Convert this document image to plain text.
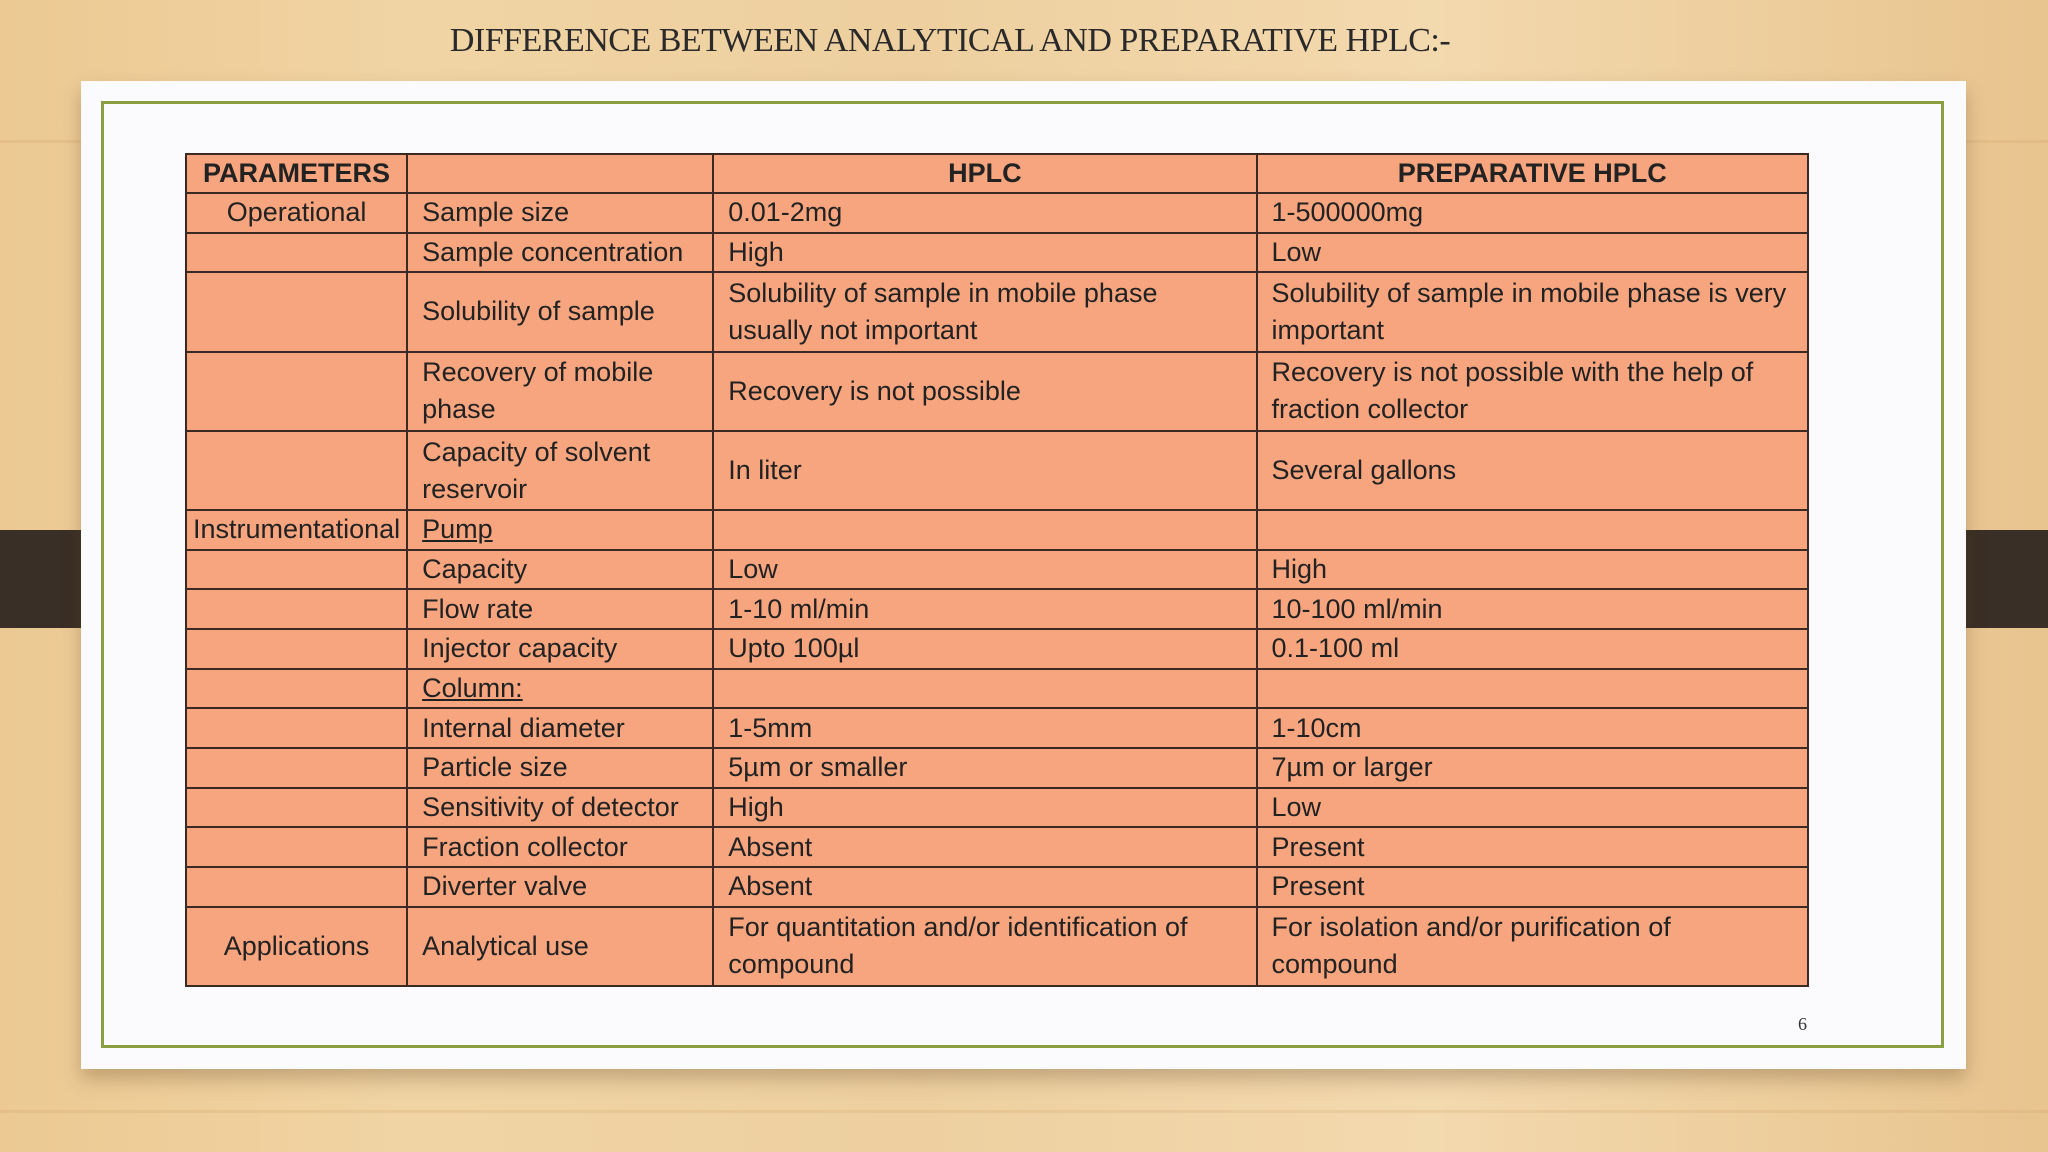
DIFFERENCE BETWEEN ANALYTICAL AND PREPARATIVE HPLC:-
PARAMETERS		HPLC	PREPARATIVE HPLC
Operational	Sample size	0.01-2mg	1-500000mg
	Sample concentration	High	Low
	Solubility of sample	Solubility of sample in mobile phase usually not important	Solubility of sample in mobile phase is very important
	Recovery of mobile phase	Recovery is not possible	Recovery is not possible with the help of fraction collector
	Capacity of solvent reservoir	In liter	Several gallons
Instrumentational	Pump		
	Capacity	Low	High
	Flow rate	1-10 ml/min	10-100 ml/min
	Injector capacity	Upto 100µl	0.1-100 ml
	Column:		
	Internal diameter	1-5mm	1-10cm
	Particle size	5µm or smaller	7µm or larger
	Sensitivity of detector	High	Low
	Fraction collector	Absent	Present
	Diverter valve	Absent	Present
Applications	Analytical use	For quantitation and/or identification of compound	For isolation and/or purification of compound
6
